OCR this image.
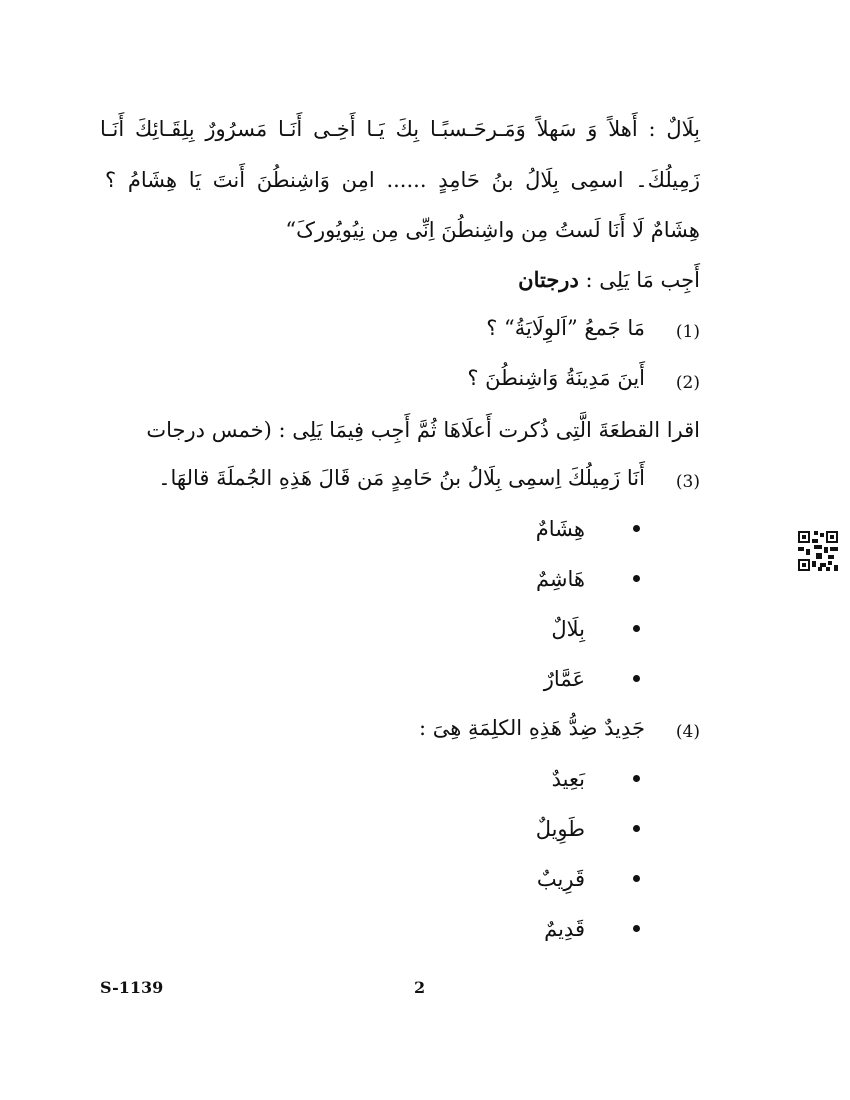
بِلَالٌ : أَهلاً وَ سَهلاً وَمَـرحَـسبًـا بِكَ يَـا أَخِـى أَنَـا مَسرُورٌ بِلِقَـائِكَ أَنَـا
زَمِيلُكَ۔ اسمِى بِلَالُ بنُ حَامِدٍ ...... امِن وَاشِنطُنَ أَنتَ يَا هِشَامُ ؟
هِشَامٌ لَا أَنَا لَستُ مِن واشِنطُنَ اِنِّى مِن نِيُويُورکَ“
أَجِب مَا يَلِى : درجتان
(1)
مَا جَمعُ ”اَلوِلَايَةُ“ ؟
(2)
أَينَ مَدِينَةُ وَاشِنطُنَ ؟
اقرا القطعَةَ الَّتِى ذُكرت أَعلَاهَا ثُمَّ أَجِب فِيمَا يَلِى : (خمس درجات
(3)
أَنَا زَمِيلُكَ اِسمِى بِلَالُ بنُ حَامِدٍ مَن قَالَ هَذِهِ الجُملَةَ قالهَا۔
هِشَامٌ
هَاشِمٌ
بِلَالٌ
عَمَّارٌ
(4)
جَدِيدٌ ضِدُّ هَذِهِ الكلِمَةِ هِىَ :
بَعِيدٌ
طَوِيلٌ
قَرِيبٌ
قَدِيمٌ
S-1139	2
